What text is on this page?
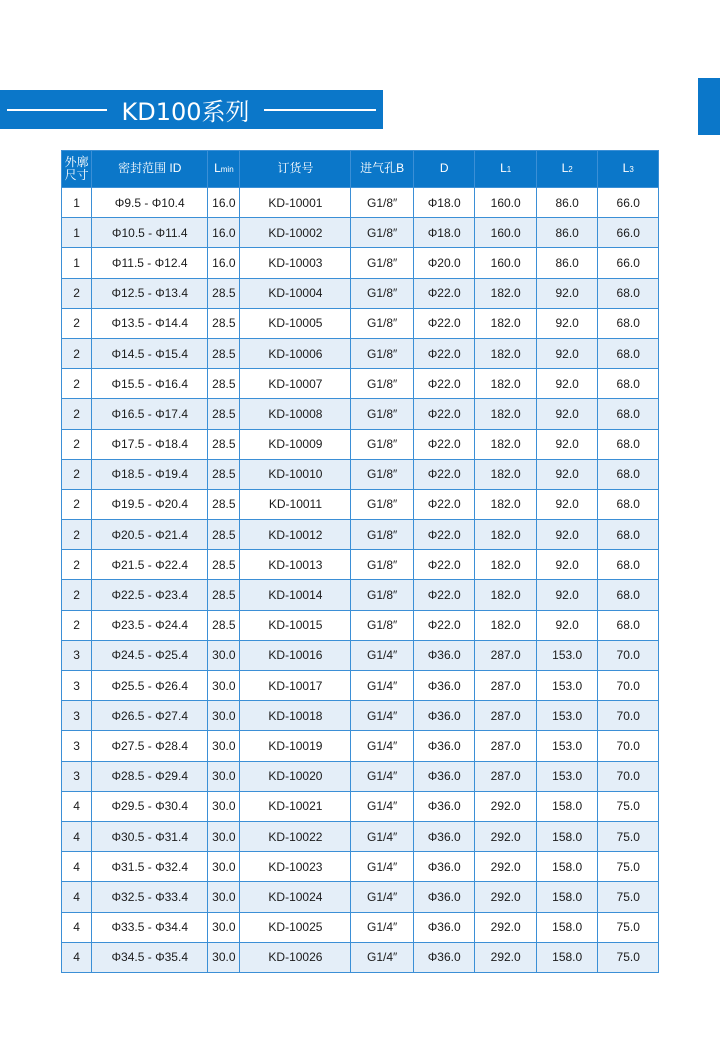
KD100系列
外廓尺寸	密封范围 ID	Lmin	订货号	进气孔B	D	L1	L2	L3
1	Φ9.5 - Φ10.4	16.0	KD-10001	G1/8″	Φ18.0	160.0	86.0	66.0
1	Φ10.5 - Φ11.4	16.0	KD-10002	G1/8″	Φ18.0	160.0	86.0	66.0
1	Φ11.5 - Φ12.4	16.0	KD-10003	G1/8″	Φ20.0	160.0	86.0	66.0
2	Φ12.5 - Φ13.4	28.5	KD-10004	G1/8″	Φ22.0	182.0	92.0	68.0
2	Φ13.5 - Φ14.4	28.5	KD-10005	G1/8″	Φ22.0	182.0	92.0	68.0
2	Φ14.5 - Φ15.4	28.5	KD-10006	G1/8″	Φ22.0	182.0	92.0	68.0
2	Φ15.5 - Φ16.4	28.5	KD-10007	G1/8″	Φ22.0	182.0	92.0	68.0
2	Φ16.5 - Φ17.4	28.5	KD-10008	G1/8″	Φ22.0	182.0	92.0	68.0
2	Φ17.5 - Φ18.4	28.5	KD-10009	G1/8″	Φ22.0	182.0	92.0	68.0
2	Φ18.5 - Φ19.4	28.5	KD-10010	G1/8″	Φ22.0	182.0	92.0	68.0
2	Φ19.5 - Φ20.4	28.5	KD-10011	G1/8″	Φ22.0	182.0	92.0	68.0
2	Φ20.5 - Φ21.4	28.5	KD-10012	G1/8″	Φ22.0	182.0	92.0	68.0
2	Φ21.5 - Φ22.4	28.5	KD-10013	G1/8″	Φ22.0	182.0	92.0	68.0
2	Φ22.5 - Φ23.4	28.5	KD-10014	G1/8″	Φ22.0	182.0	92.0	68.0
2	Φ23.5 - Φ24.4	28.5	KD-10015	G1/8″	Φ22.0	182.0	92.0	68.0
3	Φ24.5 - Φ25.4	30.0	KD-10016	G1/4″	Φ36.0	287.0	153.0	70.0
3	Φ25.5 - Φ26.4	30.0	KD-10017	G1/4″	Φ36.0	287.0	153.0	70.0
3	Φ26.5 - Φ27.4	30.0	KD-10018	G1/4″	Φ36.0	287.0	153.0	70.0
3	Φ27.5 - Φ28.4	30.0	KD-10019	G1/4″	Φ36.0	287.0	153.0	70.0
3	Φ28.5 - Φ29.4	30.0	KD-10020	G1/4″	Φ36.0	287.0	153.0	70.0
4	Φ29.5 - Φ30.4	30.0	KD-10021	G1/4″	Φ36.0	292.0	158.0	75.0
4	Φ30.5 - Φ31.4	30.0	KD-10022	G1/4″	Φ36.0	292.0	158.0	75.0
4	Φ31.5 - Φ32.4	30.0	KD-10023	G1/4″	Φ36.0	292.0	158.0	75.0
4	Φ32.5 - Φ33.4	30.0	KD-10024	G1/4″	Φ36.0	292.0	158.0	75.0
4	Φ33.5 - Φ34.4	30.0	KD-10025	G1/4″	Φ36.0	292.0	158.0	75.0
4	Φ34.5 - Φ35.4	30.0	KD-10026	G1/4″	Φ36.0	292.0	158.0	75.0
